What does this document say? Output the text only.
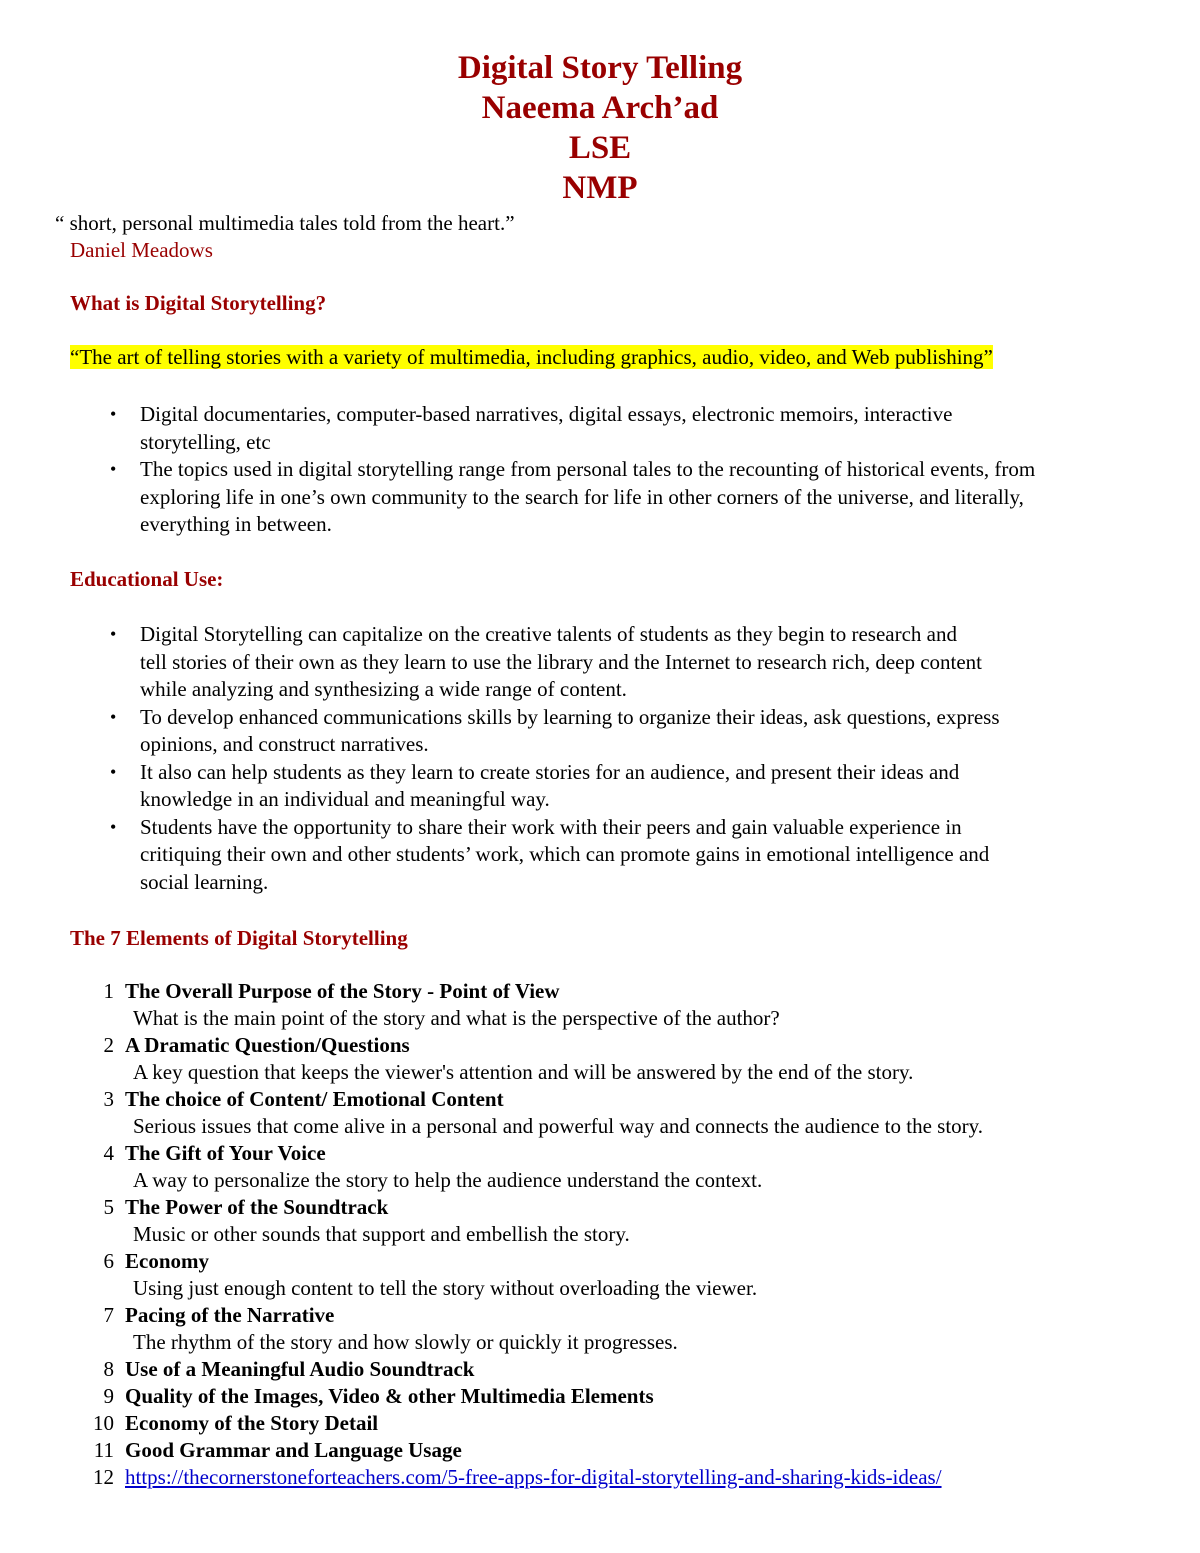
Digital Story Telling
Naeema Arch’ad
LSE
NMP
“ short, personal multimedia tales told from the heart.”
Daniel Meadows
What is Digital Storytelling?
“The art of telling stories with a variety of multimedia, including graphics, audio, video, and Web publishing”
• Digital documentaries, computer-based narratives, digital essays, electronic memoirs, interactive
storytelling, etc
• The topics used in digital storytelling range from personal tales to the recounting of historical events, from
exploring life in one’s own community to the search for life in other corners of the universe, and literally,
everything in between.
Educational Use:
• Digital Storytelling can capitalize on the creative talents of students as they begin to research and
tell stories of their own as they learn to use the library and the Internet to research rich, deep content
while analyzing and synthesizing a wide range of content.
• To develop enhanced communications skills by learning to organize their ideas, ask questions, express
opinions, and construct narratives.
• It also can help students as they learn to create stories for an audience, and present their ideas and
knowledge in an individual and meaningful way.
• Students have the opportunity to share their work with their peers and gain valuable experience in
critiquing their own and other students’ work, which can promote gains in emotional intelligence and
social learning.
The 7 Elements of Digital Storytelling
1 The Overall Purpose of the Story - Point of View
What is the main point of the story and what is the perspective of the author?
2 A Dramatic Question/Questions
A key question that keeps the viewer's attention and will be answered by the end of the story.
3 The choice of Content/ Emotional Content
Serious issues that come alive in a personal and powerful way and connects the audience to the story.
4 The Gift of Your Voice
A way to personalize the story to help the audience understand the context.
5 The Power of the Soundtrack
Music or other sounds that support and embellish the story.
6 Economy
Using just enough content to tell the story without overloading the viewer.
7 Pacing of the Narrative
The rhythm of the story and how slowly or quickly it progresses.
8 Use of a Meaningful Audio Soundtrack
9 Quality of the Images, Video & other Multimedia Elements
10 Economy of the Story Detail
11 Good Grammar and Language Usage
12 https://thecornerstoneforteachers.com/5-free-apps-for-digital-storytelling-and-sharing-kids-ideas/
